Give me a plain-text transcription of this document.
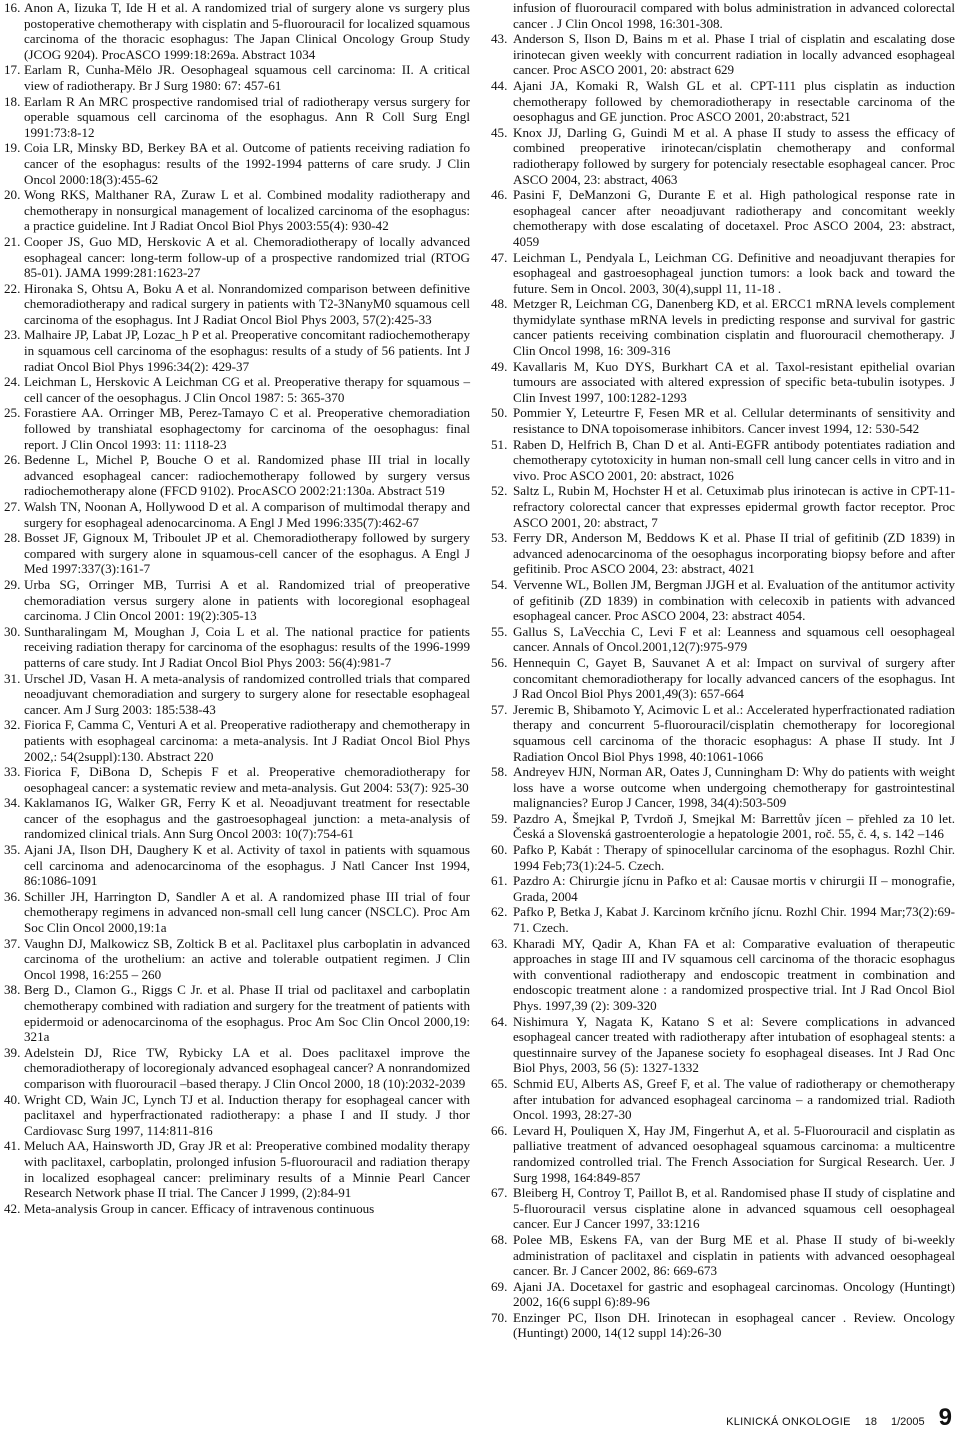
16. Anon A, Iizuka T, Ide H et al. A randomized trial of surgery alone vs surgery plus postoperative chemotherapy with cisplatin and 5-fluorouracil for localized squamous carcinoma of the thoracic esophagus: The Japan Clinical Oncology Group Study (JCOG 9204). ProcASCO 1999:18:269a. Abstract 1034
17. Earlam R, Cunha-Mělo JR. Oesophageal squamous cell carcinoma: II. A critical view of radiotherapy. Br J Surg 1980: 67: 457-61
18. Earlam R An MRC prospective randomised trial of radiotherapy versus surgery for operable squamous cell carcinoma of the esophagus. Ann R Coll Surg Engl 1991:73:8-12
19. Coia LR, Minsky BD, Berkey BA et al. Outcome of patients receiving radiation fo cancer of the esophagus: results of the 1992-1994 patterns of care srudy. J Clin Oncol 2000:18(3):455-62
20. Wong RKS, Malthaner RA, Zuraw L et al. Combined modality radiotherapy and chemotherapy in nonsurgical management of localized carcinoma of the esophagus: a practice guideline. Int J Radiat Oncol Biol Phys 2003:55(4): 930-42
21. Cooper JS, Guo MD, Herskovic A et al. Chemoradiotherapy of locally advanced esophageal cancer: long-term follow-up of a prospective randomized trial (RTOG 85-01). JAMA 1999:281:1623-27
22. Hironaka S, Ohtsu A, Boku A et al. Nonrandomized comparison between definitive chemoradiotherapy and radical surgery in patients with T2-3NanyM0 squamous cell carcinoma of the esophagus. Int J Radiat Oncol Biol Phys 2003, 57(2):425-33
23. Malhaire JP, Labat JP, Lozac_h P et al. Preoperative concomitant radiochemotherapy in squamous cell carcinoma of the esophagus: results of a study of 56 patients. Int J radiat Oncol Biol Phys 1996:34(2): 429-37
24. Leichman L, Herskovic A Leichman CG et al. Preoperative therapy for squamous –cell cancer of the oesophagus. J Clin Oncol 1987: 5: 365-370
25. Forastiere AA. Orringer MB, Perez-Tamayo C et al. Preoperative chemoradiation followed by transhiatal esophagectomy for carcinoma of the oesophagus: final report. J Clin Oncol 1993: 11: 1118-23
26. Bedenne L, Michel P, Bouche O et al. Randomized phase III trial in locally advanced esophageal cancer: radiochemotherapy followed by surgery versus radiochemotherapy alone (FFCD 9102). ProcASCO 2002:21:130a. Abstract 519
27. Walsh TN, Noonan A, Hollywood D et al. A comparison of multimodal therapy and surgery for esophageal adenocarcinoma. A Engl J Med 1996:335(7):462-67
28. Bosset JF, Gignoux M, Triboulet JP et al. Chemoradiotherapy followed by surgery compared with surgery alone in squamous-cell cancer of the esophagus. A Engl J Med 1997:337(3):161-7
29. Urba SG, Orringer MB, Turrisi A et al. Randomized trial of preoperative chemoradiation versus surgery alone in patients with locoregional esophageal carcinoma. J Clin Oncol 2001: 19(2):305-13
30. Suntharalingam M, Moughan J, Coia L et al. The national practice for patients receiving radiation therapy for carcinoma of the esophagus: results of the 1996-1999 patterns of care study. Int J Radiat Oncol Biol Phys 2003: 56(4):981-7
31. Urschel JD, Vasan H. A meta-analysis of randomized controlled trials that compared neoadjuvant chemoradiation and surgery to surgery alone for resectable esophageal cancer. Am J Surg 2003: 185:538-43
32. Fiorica F, Camma C, Venturi A et al. Preoperative radiotherapy and chemotherapy in patients with esophageal carcinoma: a meta-analysis. Int J Radiat Oncol Biol Phys 2002,: 54(2suppl):130. Abstract 220
33. Fiorica F, DiBona D, Schepis F et al. Preoperative chemoradiotherapy for oesophageal cancer: a systematic review and meta-analysis. Gut 2004: 53(7): 925-30
34. Kaklamanos IG, Walker GR, Ferry K et al. Neoadjuvant treatment for resectable cancer of the esophagus and the gastroesophageal junction: a meta-analysis of randomized clinical trials. Ann Surg Oncol 2003: 10(7):754-61
35. Ajani JA, Ilson DH, Daughery K et al. Activity of taxol in patients with squamous cell carcinoma and adenocarcinoma of the esophagus. J Natl Cancer Inst 1994, 86:1086-1091
36. Schiller JH, Harrington D, Sandler A et al. A randomized phase III trial of four chemotherapy regimens in advanced non-small cell lung cancer (NSCLC). Proc Am Soc Clin Oncol 2000,19:1a
37. Vaughn DJ, Malkowicz SB, Zoltick B et al. Paclitaxel plus carboplatin in advanced carcinoma of the urothelium: an active and tolerable outpatient regimen. J Clin Oncol 1998, 16:255 – 260
38. Berg D., Clamon G., Riggs C Jr. et al. Phase II trial od paclitaxel and carboplatin chemotherapy combined with radiation and surgery for the treatment of patients with epidermoid or adenocarcinoma of the esophagus. Proc Am Soc Clin Oncol 2000,19: 321a
39. Adelstein DJ, Rice TW, Rybicky LA et al. Does paclitaxel improve the chemoradiotherapy of locoregionaly advanced esophageal cancer? A nonrandomized comparison with fluorouracil –based therapy. J Clin Oncol 2000, 18 (10):2032-2039
40. Wright CD, Wain JC, Lynch TJ et al. Induction therapy for esophageal cancer with paclitaxel and hyperfractionated radiotherapy: a phase I and II study. J thor Cardiovasc Surg 1997, 114:811-816
41. Meluch AA, Hainsworth JD, Gray JR et al: Preoperative combined modality therapy with paclitaxel, carboplatin, prolonged infusion 5-fluorouracil and radiation therapy in localized esophageal cancer: preliminary results of a Minnie Pearl Cancer Research Network phase II trial. The Cancer J 1999, (2):84-91
42. Meta-analysis Group in cancer. Efficacy of intravenous continuous
infusion of fluorouracil compared with bolus administration in advanced colorectal cancer . J Clin Oncol 1998, 16:301-308.
43. Anderson S, Ilson D, Bains m et al. Phase I trial of cisplatin and escalating dose irinotecan given weekly with concurrent radiation in locally advanced esophageal cancer. Proc ASCO 2001, 20: abstract 629
44. Ajani JA, Komaki R, Walsh GL et al. CPT-111 plus cisplatin as induction chemotherapy followed by chemoradiotherapy in resectable carcinoma of the oesophagus and GE junction. Proc ASCO 2001, 20:abstract, 521
45. Knox JJ, Darling G, Guindi M et al. A phase II study to assess the efficacy of combined preoperative irinotecan/cisplatin chemotherapy and conformal radiotherapy followed by surgery for potencialy resectable esophageal cancer. Proc ASCO 2004, 23: abstract, 4063
46. Pasini F, DeManzoni G, Durante E et al. High pathological response rate in esophageal cancer after neoadjuvant radiotherapy and concomitant weekly chemotherapy with dose escalating of docetaxel. Proc ASCO 2004, 23: abstract, 4059
47. Leichman L, Pendyala L, Leichman CG. Definitive and neoadjuvant therapies for esophageal and gastroesophageal junction tumors: a look back and toward the future. Sem in Oncol. 2003, 30(4),suppl 11, 11-18 .
48. Metzger R, Leichman CG, Danenberg KD, et al. ERCC1 mRNA levels complement thymidylate synthase mRNA levels in predicting response and survival for gastric cancer patients receiving combination cisplatin and fluorouracil chemotherapy. J Clin Oncol 1998, 16: 309-316
49. Kavallaris M, Kuo DYS, Burkhart CA et al. Taxol-resistant epithelial ovarian tumours are associated with altered expression of specific beta-tubulin isotypes. J Clin Invest 1997, 100:1282-1293
50. Pommier Y, Leteurtre F, Fesen MR et al. Cellular determinants of sensitivity and resistance to DNA topoisomerase inhibitors. Cancer invest 1994, 12: 530-542
51. Raben D, Helfrich B, Chan D et al. Anti-EGFR antibody potentiates radiation and chemotherapy cytotoxicity in human non-small cell lung cancer cells in vitro and in vivo. Proc ASCO 2001, 20: abstract, 1026
52. Saltz L, Rubin M, Hochster H et al. Cetuximab plus irinotecan is active in CPT-11-refractory colorectal cancer that expresses epidermal growth factor receptor. Proc ASCO 2001, 20: abstract, 7
53. Ferry DR, Anderson M, Beddows K et al. Phase II trial of gefitinib (ZD 1839) in advanced adenocarcinoma of the oesophagus incorporating biopsy before and after gefitinib. Proc ASCO 2004, 23: abstract, 4021
54. Vervenne WL, Bollen JM, Bergman JJGH et al. Evaluation of the antitumor activity of gefitinib (ZD 1839) in combination with celecoxib in patients with advanced esophageal cancer. Proc ASCO 2004, 23: abstract 4054.
55. Gallus S, LaVecchia C, Levi F et al: Leanness and squamous cell oesophageal cancer. Annals of Oncol.2001,12(7):975-979
56. Hennequin C, Gayet B, Sauvanet A et al: Impact on survival of surgery after concomitant chemoradiotherapy for locally advanced cancers of the esophagus. Int J Rad Oncol Biol Phys 2001,49(3): 657-664
57. Jeremic B, Shibamoto Y, Acimovic L et al.: Accelerated hyperfractionated radiation therapy and concurrent 5-fluorouracil/cisplatin chemotherapy for locoregional squamous cell carcinoma of the thoracic esophagus: A phase II study. Int J Radiation Oncol Biol Phys 1998, 40:1061-1066
58. Andreyev HJN, Norman AR, Oates J, Cunningham D: Why do patients with weight loss have a worse outcome when undergoing chemotherapy for gastrointestinal malignancies? Europ J Cancer, 1998, 34(4):503-509
59. Pazdro A, Šmejkal P, Tvrdoň J, Smejkal M: Barrettův jícen – přehled za 10 let. Česká a Slovenská gastroenterologie a hepatologie 2001, roč. 55, č. 4, s. 142 –146
60. Pafko P, Kabát : Therapy of spinocellular carcinoma of the esophagus. Rozhl Chir. 1994 Feb;73(1):24-5. Czech.
61. Pazdro A: Chirurgie jícnu in Pafko et al: Causae mortis v chirurgii II – monografie, Grada, 2004
62. Pafko P, Betka J, Kabat J. Karcinom krčního jícnu. Rozhl Chir. 1994 Mar;73(2):69-71. Czech.
63. Kharadi MY, Qadir A, Khan FA et al: Comparative evaluation of therapeutic approaches in stage III and IV squamous cell carcinoma of the thoracic esophagus with conventional radiotherapy and endoscopic treatment in combination and endoscopic treatment alone : a randomized prospective trial. Int J Rad Oncol Biol Phys. 1997,39 (2): 309-320
64. Nishimura Y, Nagata K, Katano S et al: Severe complications in advanced esophageal cancer treated with radiotherapy after intubation of esophageal stents: a questinnaire survey of the Japanese society fo esophageal diseases. Int J Rad Onc Biol Phys, 2003, 56 (5): 1327-1332
65. Schmid EU, Alberts AS, Greef F, et al. The value of radiotherapy or chemotherapy after intubation for advanced esophageal carcinoma – a randomized trial. Radioth Oncol. 1993, 28:27-30
66. Levard H, Pouliquen X, Hay JM, Fingerhut A, et al. 5-Fluorouracil and cisplatin as palliative treatment of advanced oesophageal squamous carcinoma: a multicentre randomized controlled trial. The French Association for Surgical Research. Uer. J Surg 1998, 164:849-857
67. Bleiberg H, Controy T, Paillot B, et al. Randomised phase II study of cisplatine and 5-fluorouracil versus cisplatine alone in advanced squamous cell oesophageal cancer. Eur J Cancer 1997, 33:1216
68. Polee MB, Eskens FA, van der Burg ME et al. Phase II study of bi-weekly administration of paclitaxel and cisplatin in patients with advanced oesophageal cancer. Br. J Cancer 2002, 86: 669-673
69. Ajani JA. Docetaxel for gastric and esophageal carcinomas. Oncology (Huntingt) 2002, 16(6 suppl 6):89-96
70. Enzinger PC, Ilson DH. Irinotecan in esophageal cancer . Review. Oncology (Huntingt) 2000, 14(12 suppl 14):26-30
KLINICKÁ ONKOLOGIE 18 1/2005 9
